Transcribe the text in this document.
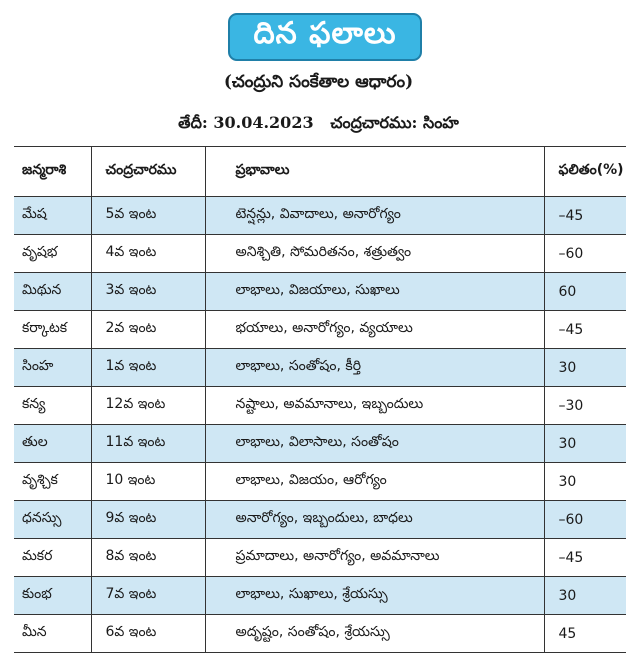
దిన ఫలాలు
(చంద్రుని సంకేతాల ఆధారం)
తేదీ: 30.04.2023 చంద్రచారము: సింహ
జన్మరాశి	చంద్రచారము	ప్రభావాలు	ఫలితం(%)
మేష	5వ ఇంట	టెన్షన్లు, వివాదాలు, అనారోగ్యం	–45
వృషభ	4వ ఇంట	అనిశ్చితి, సోమరితనం, శత్రుత్వం	–60
మిథున	3వ ఇంట	లాభాలు, విజయాలు, సుఖాలు	60
కర్కాటక	2వ ఇంట	భయాలు, అనారోగ్యం, వ్యయాలు	–45
సింహ	1వ ఇంట	లాభాలు, సంతోషం, కీర్తి	30
కన్య	12వ ఇంట	నష్టాలు, అవమానాలు, ఇబ్బందులు	–30
తుల	11వ ఇంట	లాభాలు, విలాసాలు, సంతోషం	30
వృశ్చిక	10 ఇంట	లాభాలు, విజయం, ఆరోగ్యం	30
ధనస్సు	9వ ఇంట	అనారోగ్యం, ఇబ్బందులు, బాధలు	–60
మకర	8వ ఇంట	ప్రమాదాలు, అనారోగ్యం, అవమానాలు	–45
కుంభ	7వ ఇంట	లాభాలు, సుఖాలు, శ్రేయస్సు	30
మీన	6వ ఇంట	అదృష్టం, సంతోషం, శ్రేయస్సు	45
